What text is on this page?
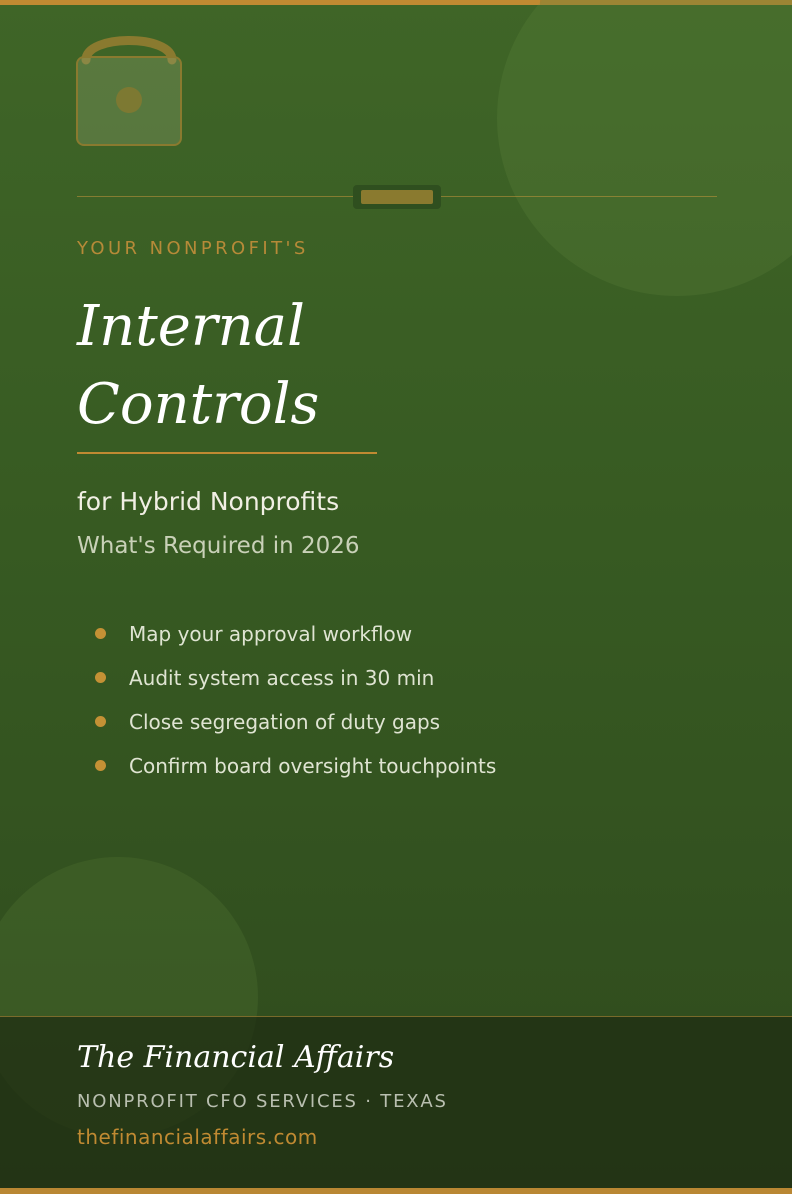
YOUR NONPROFIT'S
Internal
Controls
for Hybrid Nonprofits
What's Required in 2026
Map your approval workflow
Audit system access in 30 min
Close segregation of duty gaps
Confirm board oversight touchpoints
The Financial Affairs
NONPROFIT CFO SERVICES · TEXAS
thefinancialaffairs.com
